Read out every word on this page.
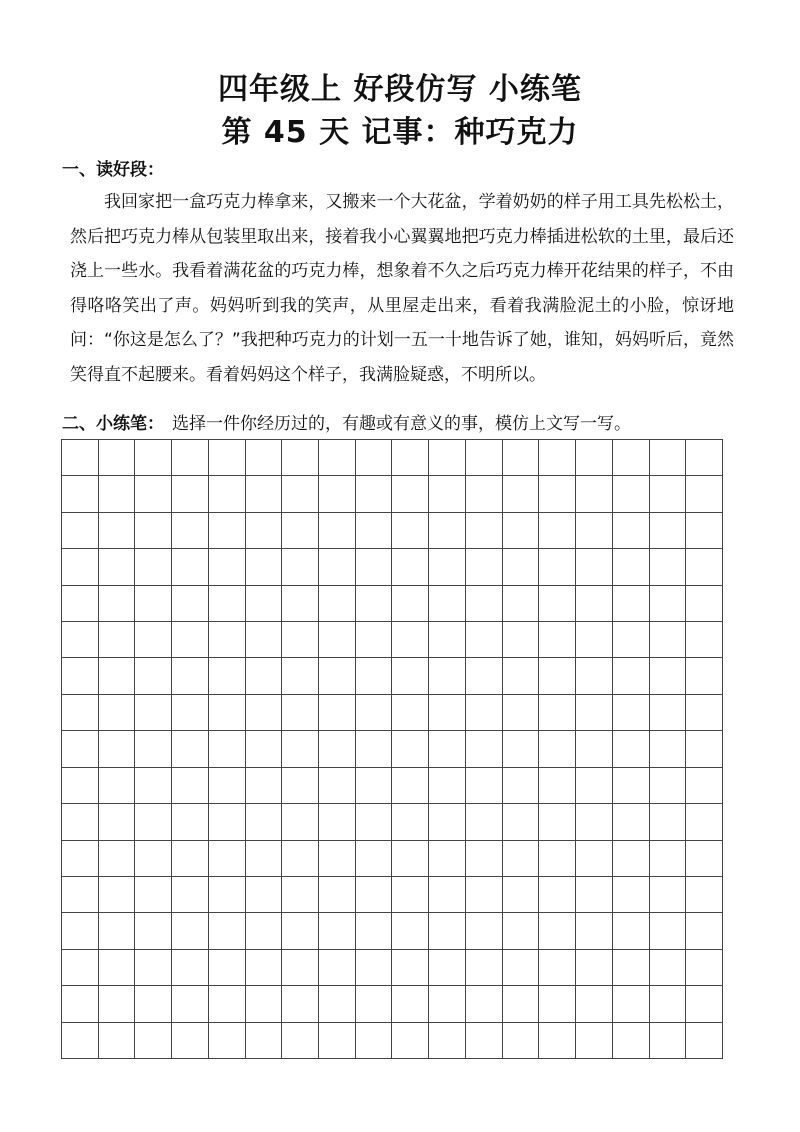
四年级上 好段仿写 小练笔
第 45 天 记事：种巧克力
一、读好段：

我回家把一盒巧克力棒拿来，又搬来一个大花盆，学着奶奶的样子用工具先松松土，然后把巧克力棒从包装里取出来，接着我小心翼翼地把巧克力棒插进松软的土里，最后还浇上一些水。我看着满花盆的巧克力棒，想象着不久之后巧克力棒开花结果的样子，不由得咯咯笑出了声。妈妈听到我的笑声，从里屋走出来，看着我满脸泥土的小脸，惊讶地问：“你这是怎么了？”我把种巧克力的计划一五一十地告诉了她，谁知，妈妈听后，竟然笑得直不起腰来。看着妈妈这个样子，我满脸疑惑，不明所以。

二、小练笔： 选择一件你经历过的，有趣或有意义的事，模仿上文写一写。
